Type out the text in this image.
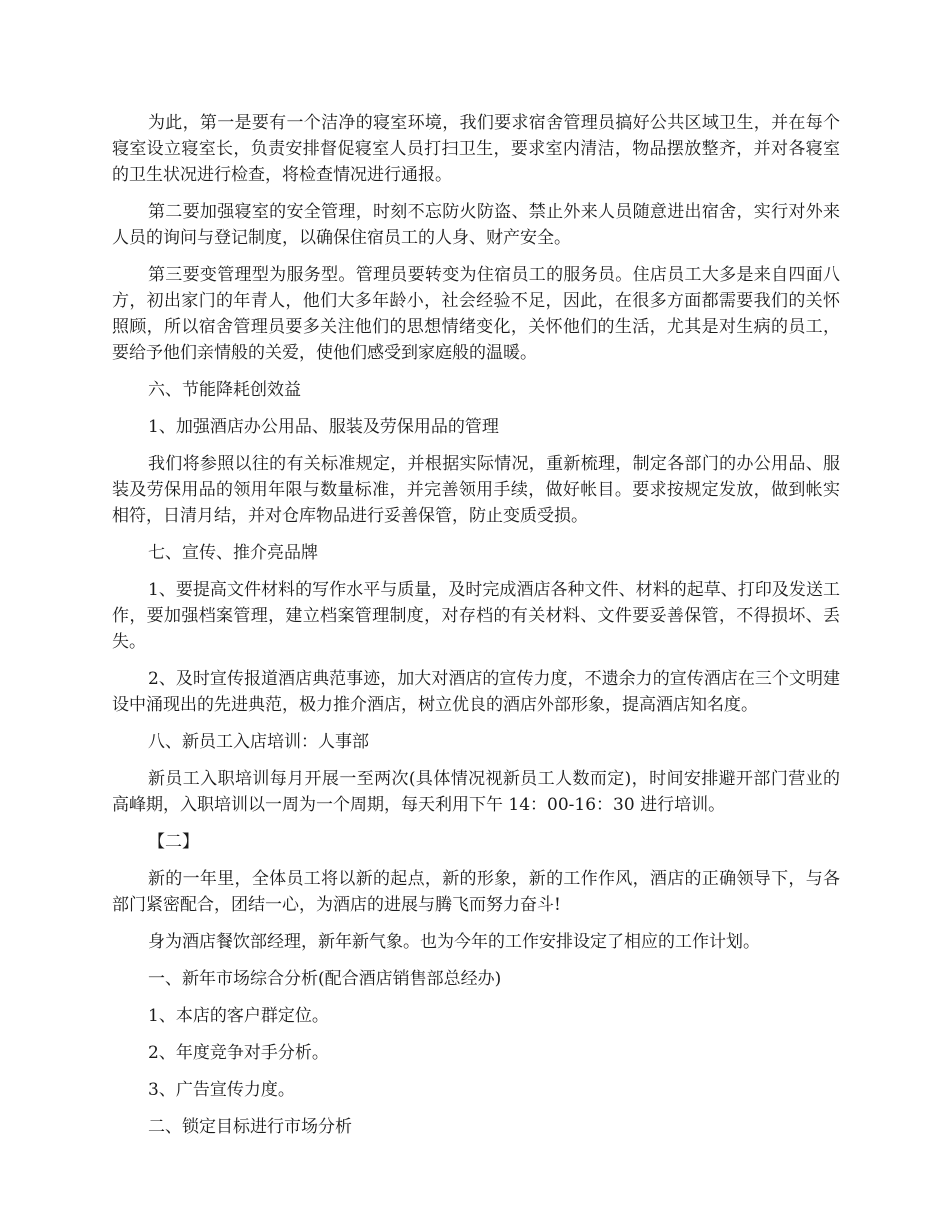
为此，第一是要有一个洁净的寝室环境，我们要求宿舍管理员搞好公共区域卫生，并在每个寝室设立寝室长，负责安排督促寝室人员打扫卫生，要求室内清洁，物品摆放整齐，并对各寝室的卫生状况进行检查，将检查情况进行通报。

第二要加强寝室的安全管理，时刻不忘防火防盗、禁止外来人员随意进出宿舍，实行对外来人员的询问与登记制度，以确保住宿员工的人身、财产安全。

第三要变管理型为服务型。管理员要转变为住宿员工的服务员。住店员工大多是来自四面八方，初出家门的年青人，他们大多年龄小，社会经验不足，因此，在很多方面都需要我们的关怀照顾，所以宿舍管理员要多关注他们的思想情绪变化，关怀他们的生活，尤其是对生病的员工，要给予他们亲情般的关爱，使他们感受到家庭般的温暖。

六、节能降耗创效益

1、加强酒店办公用品、服装及劳保用品的管理

我们将参照以往的有关标准规定，并根据实际情况，重新梳理，制定各部门的办公用品、服装及劳保用品的领用年限与数量标准，并完善领用手续，做好帐目。要求按规定发放，做到帐实相符，日清月结，并对仓库物品进行妥善保管，防止变质受损。

七、宣传、推介亮品牌

1、要提高文件材料的写作水平与质量，及时完成酒店各种文件、材料的起草、打印及发送工作，要加强档案管理，建立档案管理制度，对存档的有关材料、文件要妥善保管，不得损坏、丢失。

2、及时宣传报道酒店典范事迹，加大对酒店的宣传力度，不遗余力的宣传酒店在三个文明建设中涌现出的先进典范，极力推介酒店，树立优良的酒店外部形象，提高酒店知名度。

八、新员工入店培训：人事部

新员工入职培训每月开展一至两次(具体情况视新员工人数而定)，时间安排避开部门营业的高峰期，入职培训以一周为一个周期，每天利用下午 14：00-16：30 进行培训。

【二】

新的一年里，全体员工将以新的起点，新的形象，新的工作作风，酒店的正确领导下，与各部门紧密配合，团结一心，为酒店的进展与腾飞而努力奋斗!

身为酒店餐饮部经理，新年新气象。也为今年的工作安排设定了相应的工作计划。

一、新年市场综合分析(配合酒店销售部总经办)

1、本店的客户群定位。

2、年度竞争对手分析。

3、广告宣传力度。

二、锁定目标进行市场分析
